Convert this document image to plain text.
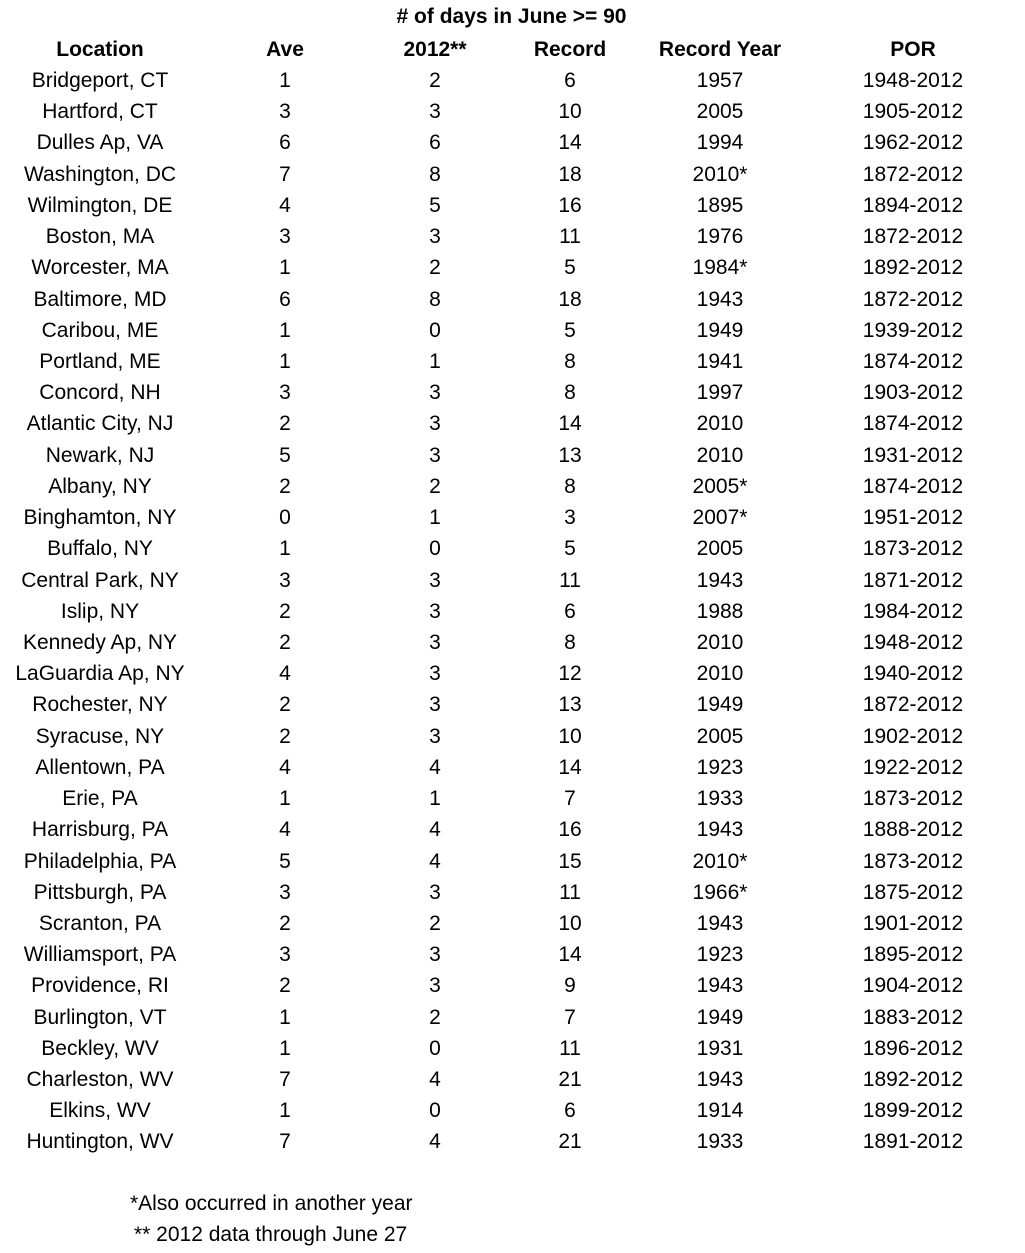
# of days in June >= 90
Location	Ave	2012**	Record	Record Year	POR
Bridgeport, CT	1	2	6	1957	1948-2012
Hartford, CT	3	3	10	2005	1905-2012
Dulles Ap, VA	6	6	14	1994	1962-2012
Washington, DC	7	8	18	2010*	1872-2012
Wilmington, DE	4	5	16	1895	1894-2012
Boston, MA	3	3	11	1976	1872-2012
Worcester, MA	1	2	5	1984*	1892-2012
Baltimore, MD	6	8	18	1943	1872-2012
Caribou, ME	1	0	5	1949	1939-2012
Portland, ME	1	1	8	1941	1874-2012
Concord, NH	3	3	8	1997	1903-2012
Atlantic City, NJ	2	3	14	2010	1874-2012
Newark, NJ	5	3	13	2010	1931-2012
Albany, NY	2	2	8	2005*	1874-2012
Binghamton, NY	0	1	3	2007*	1951-2012
Buffalo, NY	1	0	5	2005	1873-2012
Central Park, NY	3	3	11	1943	1871-2012
Islip, NY	2	3	6	1988	1984-2012
Kennedy Ap, NY	2	3	8	2010	1948-2012
LaGuardia Ap, NY	4	3	12	2010	1940-2012
Rochester, NY	2	3	13	1949	1872-2012
Syracuse, NY	2	3	10	2005	1902-2012
Allentown, PA	4	4	14	1923	1922-2012
Erie, PA	1	1	7	1933	1873-2012
Harrisburg, PA	4	4	16	1943	1888-2012
Philadelphia, PA	5	4	15	2010*	1873-2012
Pittsburgh, PA	3	3	11	1966*	1875-2012
Scranton, PA	2	2	10	1943	1901-2012
Williamsport, PA	3	3	14	1923	1895-2012
Providence, RI	2	3	9	1943	1904-2012
Burlington, VT	1	2	7	1949	1883-2012
Beckley, WV	1	0	11	1931	1896-2012
Charleston, WV	7	4	21	1943	1892-2012
Elkins, WV	1	0	6	1914	1899-2012
Huntington, WV	7	4	21	1933	1891-2012
*Also occurred in another year
** 2012 data through June 27
